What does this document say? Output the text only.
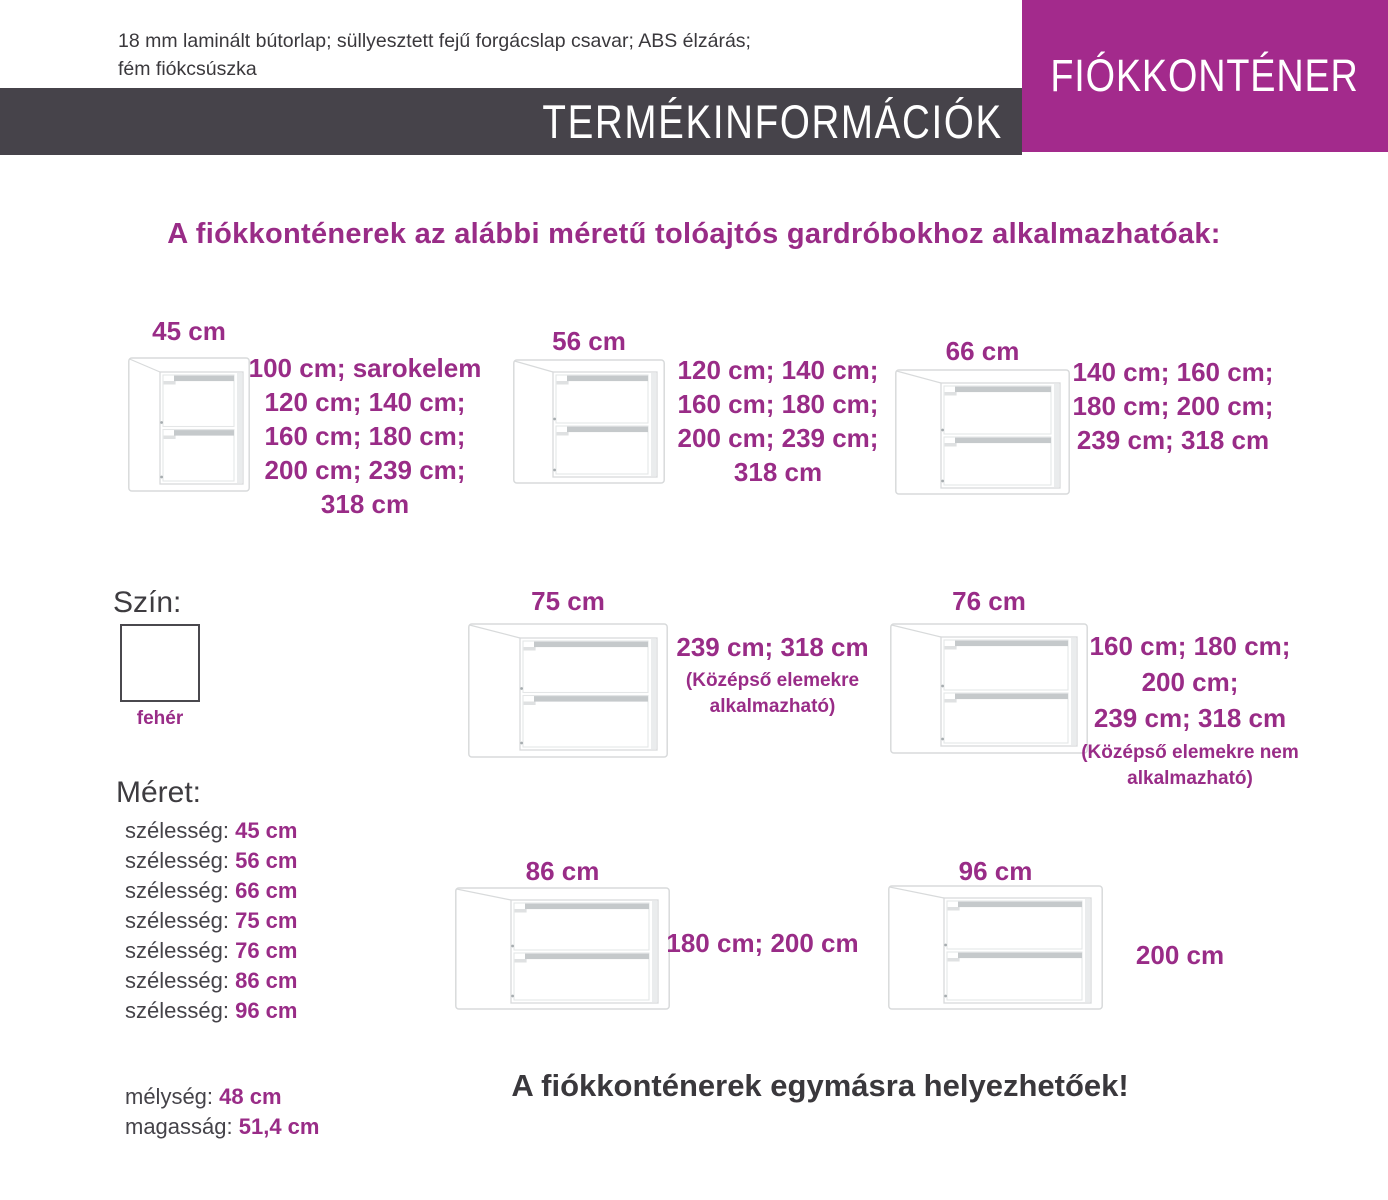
18 mm laminált bútorlap; süllyesztett fejű forgácslap csavar; ABS élzárás;
fém fiókcsúszka
TERMÉKINFORMÁCIÓK
FIÓKKONTÉNER
A fiókkonténerek az alábbi méretű tolóajtós gardróbokhoz alkalmazhatóak:
45 cm
100 cm; sarokelem
120 cm; 140 cm;
160 cm; 180 cm;
200 cm; 239 cm;
318 cm
56 cm
120 cm; 140 cm;
160 cm; 180 cm;
200 cm; 239 cm;
318 cm
66 cm
140 cm; 160 cm;
180 cm; 200 cm;
239 cm; 318 cm
Szín:
fehér
75 cm
239 cm; 318 cm
(Középső elemekre alkalmazható)
76 cm
160 cm; 180 cm;
200 cm;
239 cm; 318 cm
(Középső elemekre nem alkalmazható)
Méret:
szélesség: 45 cm
szélesség: 56 cm
szélesség: 66 cm
szélesség: 75 cm
szélesség: 76 cm
szélesség: 86 cm
szélesség: 96 cm
86 cm
180 cm; 200 cm
96 cm
200 cm
mélység: 48 cm
magasság: 51,4 cm
A fiókkonténerek egymásra helyezhetőek!
